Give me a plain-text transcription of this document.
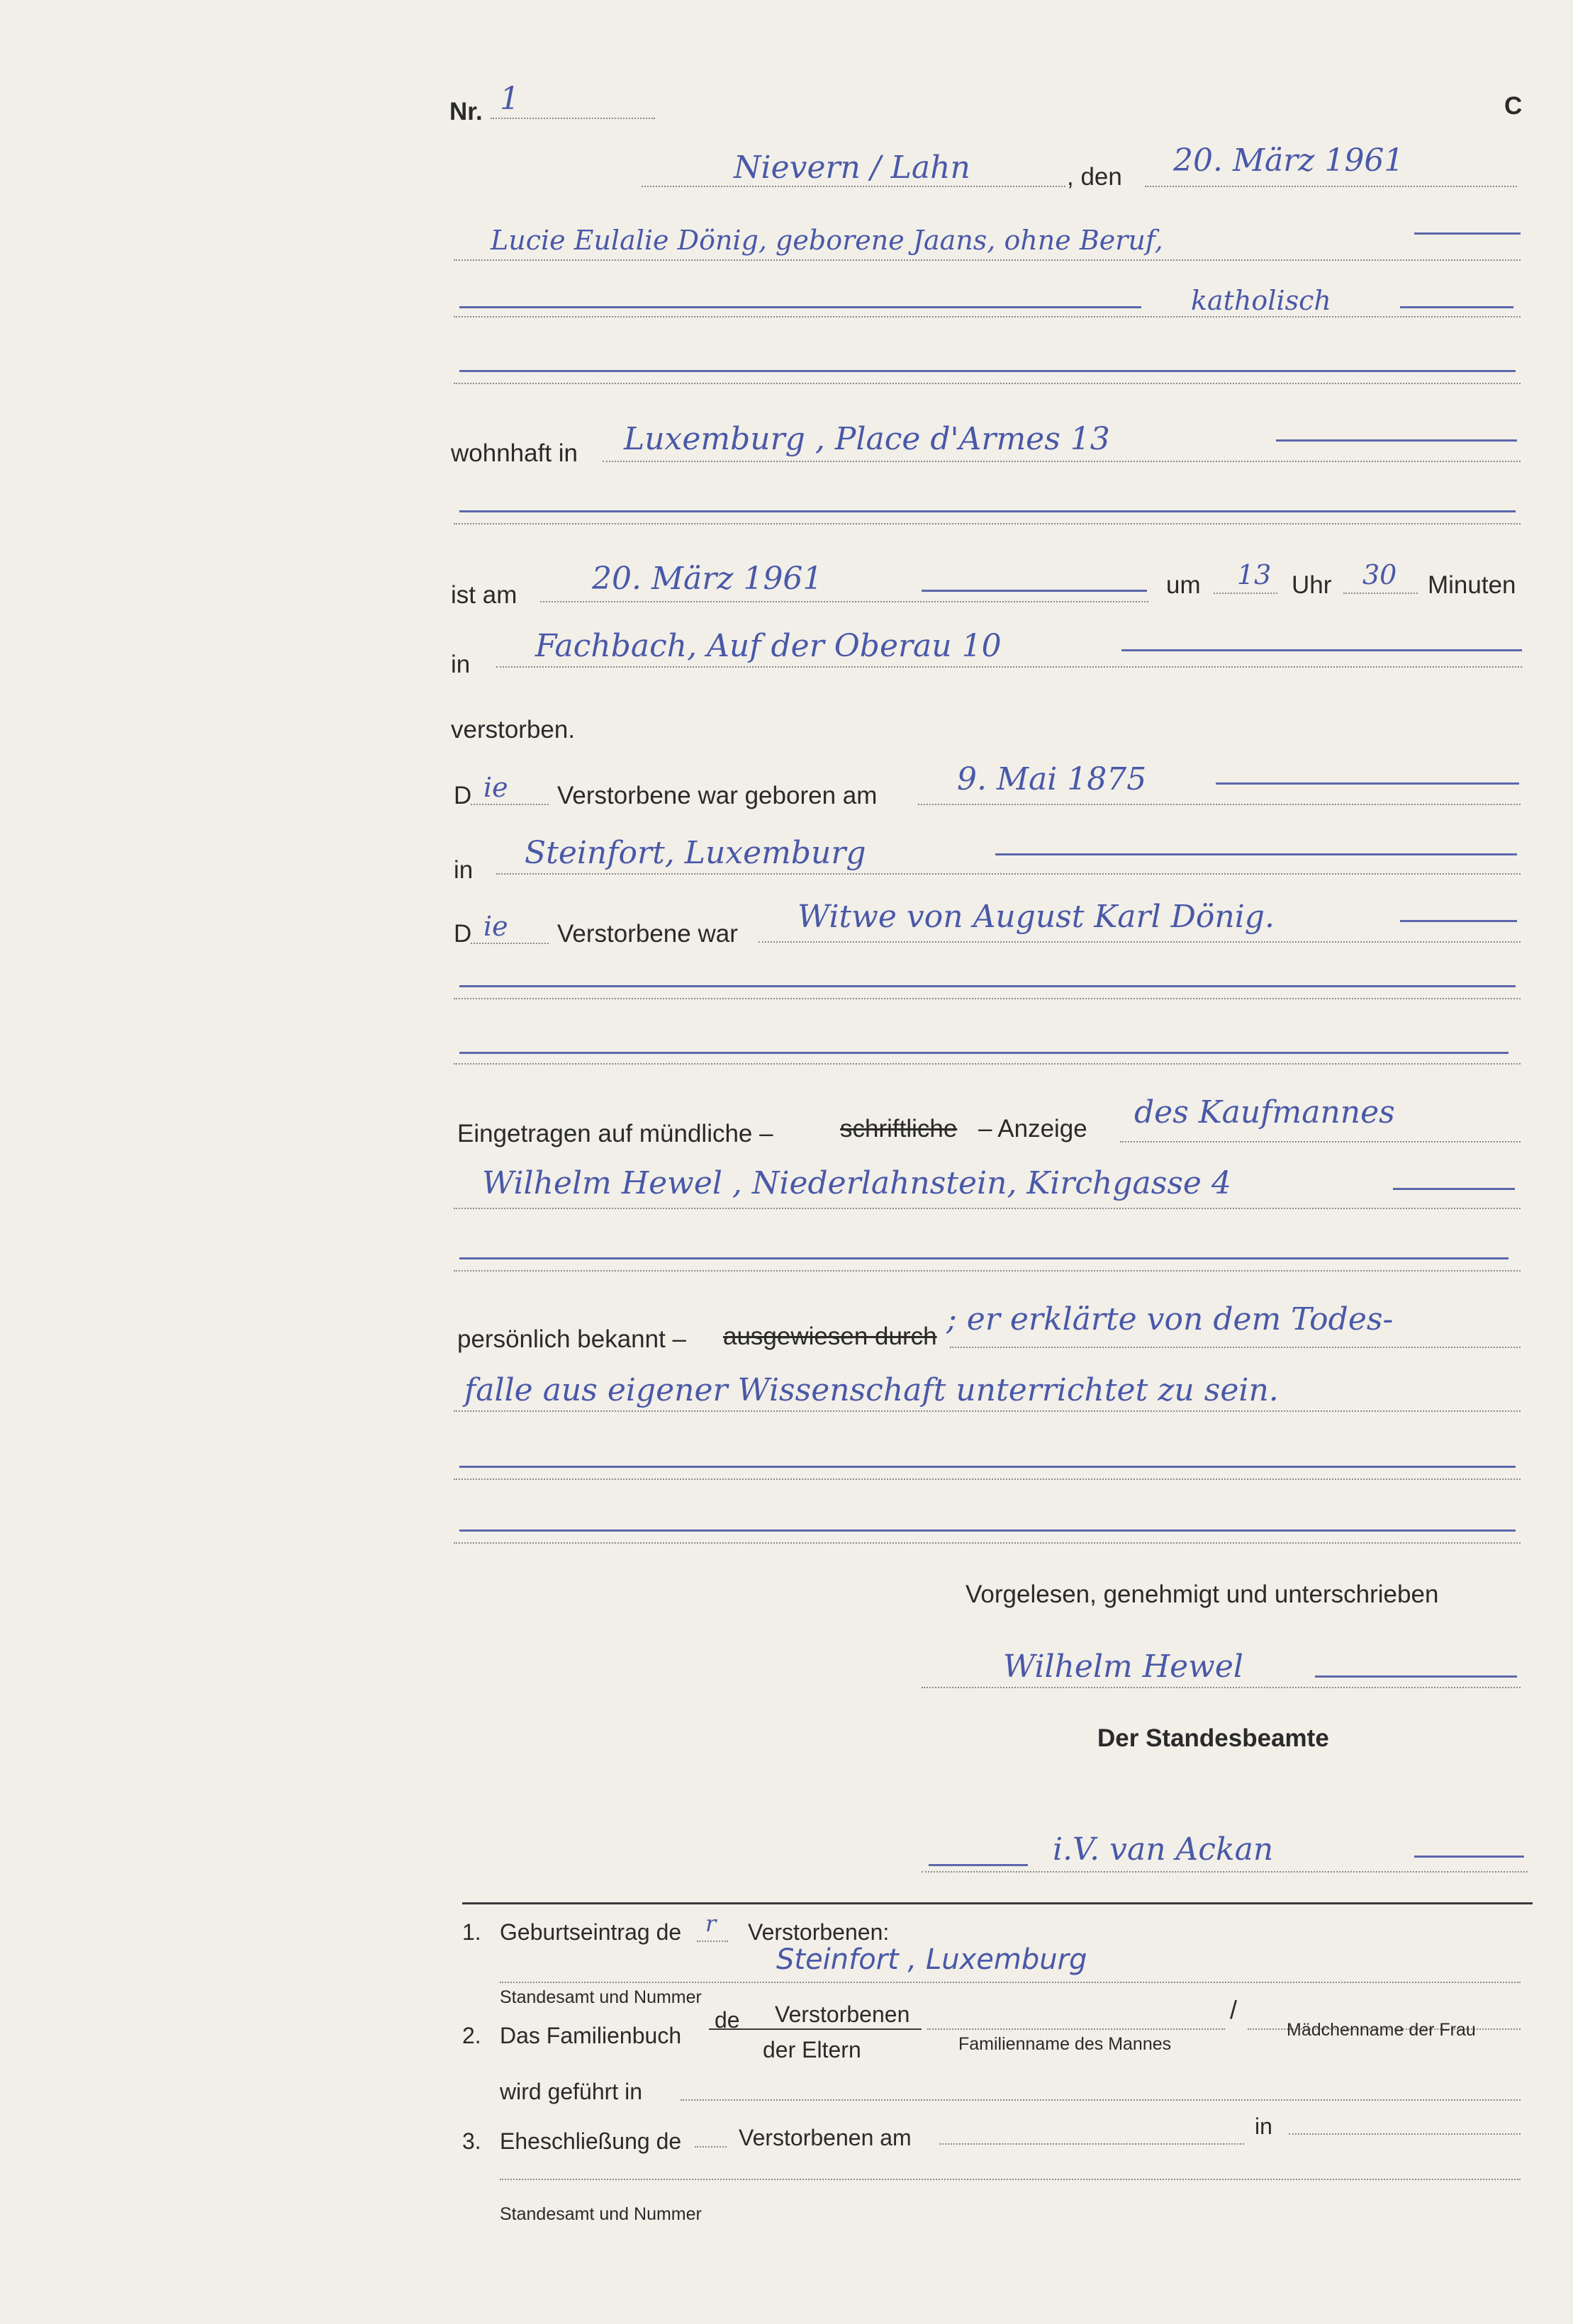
Nr. 1	C
Nievern / Lahn	, den 20. März 1961
Lucie Eulalie Dönig, geborene Jaans, ohne Beruf,
katholisch
wohnhaft in Luxemburg , Place d'Armes 13
ist am 20. März 1961	um 13 Uhr 30 Minuten
in
Fachbach, Auf der Oberau 10
verstorben.
D ie Verstorbene war geboren am	9. Mai 1875
in Steinfort, Luxemburg
D ie Verstorbene war Witwe von August Karl Dönig.
Eingetragen auf mündliche –	schriftliche – Anzeige des Kaufmannes
Wilhelm Hewel , Niederlahnstein, Kirchgasse 4
persönlich bekannt – ausgewiesen durch ; er erklärte von dem Todes-
falle aus eigener Wissenschaft unterrichtet zu sein.
Vorgelesen, genehmigt und unterschrieben
Wilhelm Hewel
Der Standesbeamte
i.V. van Ackan
1. Geburtseintrag de r Verstorbenen:
Steinfort , Luxemburg
Standesamt und Nummer
2. Das Familienbuch
de Verstorbenen
der Eltern
/
Familienname des Mannes
Mädchenname der Frau
wird geführt in
3. Eheschließung de	Verstorbenen am	in
Standesamt und Nummer
